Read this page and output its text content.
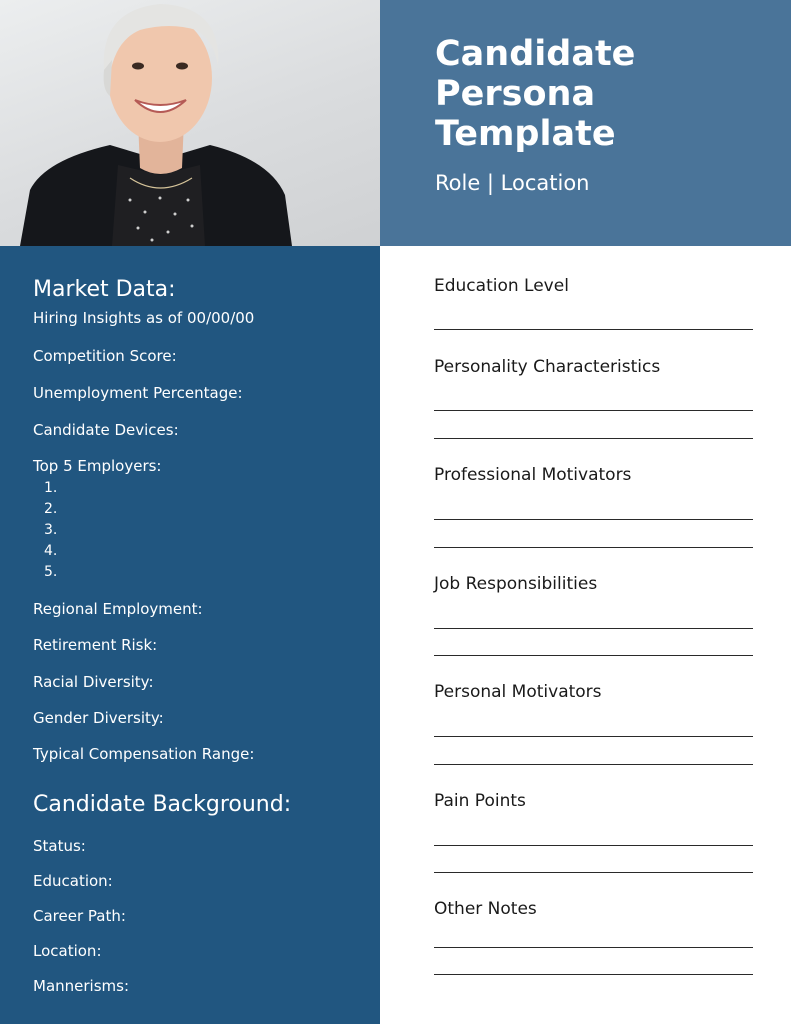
Candidate
Persona
Template
Role | Location
Market Data:
Hiring Insights as of 00/00/00
Competition Score:
Unemployment Percentage:
Candidate Devices:
Top 5 Employers:
1.
2.
3.
4.
5.
Regional Employment:
Retirement Risk:
Racial Diversity:
Gender Diversity:
Typical Compensation Range:
Candidate Background:
Status:
Education:
Career Path:
Location:
Mannerisms:
Education Level
Personality Characteristics
Professional Motivators
Job Responsibilities
Personal Motivators
Pain Points
Other Notes
